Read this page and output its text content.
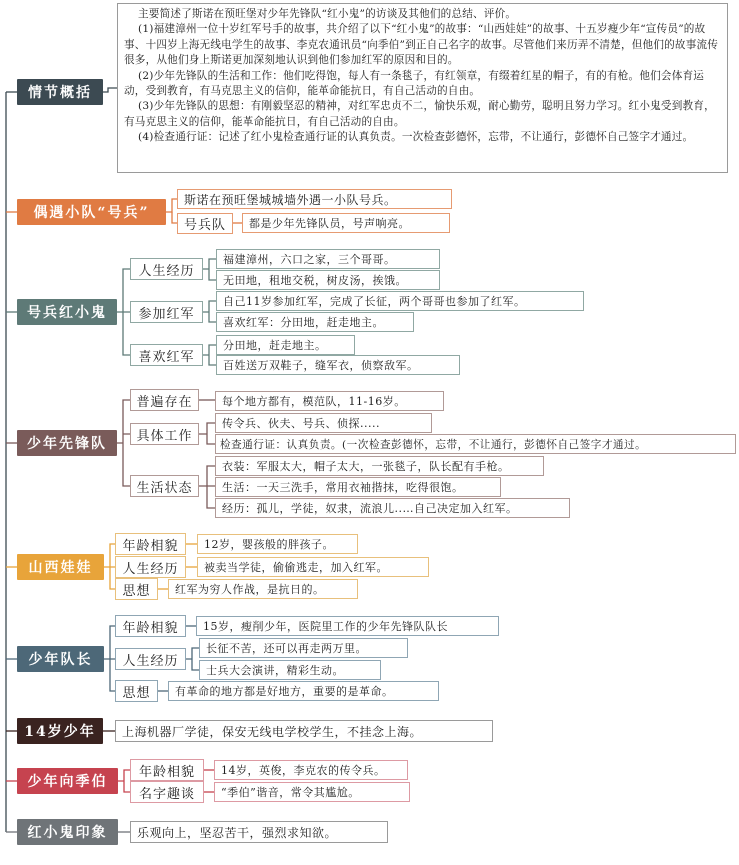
情节概括

主要简述了斯诺在预旺堡对少年先锋队“红小鬼”的访谈及其他们的总结、评价。

(1)福建漳州一位十岁红军号手的故事，共介绍了以下“红小鬼”的故事：“山西娃娃”的故事、十五岁瘦少年“宣传员”的故事、十四岁上海无线电学生的故事、李克农通讯员“向季伯”到正自己名字的故事。尽管他们来历弄不清楚，但他们的故事流传很多，从他们身上斯诺更加深刻地认识到他们参加红军的原因和目的。

(2)少年先锋队的生活和工作：他们吃得饱，每人有一条毯子，有红领章，有缀着红星的帽子，有的有枪。他们会体育运动，受到教育，有马克思主义的信仰，能革命能抗日，有自己活动的自由。

(3)少年先锋队的思想：有刚毅坚忍的精神，对红军忠贞不二，愉快乐观，耐心勤劳，聪明且努力学习。红小鬼受到教育，有马克思主义的信仰，能革命能抗日，有自己活动的自由。

(4)检查通行证：记述了红小鬼检查通行证的认真负责。一次检查彭德怀，忘带，不让通行，彭德怀自己签字才通过。

偶遇小队“号兵”
斯诺在预旺堡城城墙外遇一小队号兵。
号兵队 都是少年先锋队员，号声响亮。
号兵红小鬼
人生经历
参加红军
喜欢红军
福建漳州，六口之家，三个哥哥。
无田地，租地交税，树皮汤，挨饿。
自己11岁参加红军，完成了长征，两个哥哥也参加了红军。
喜欢红军：分田地，赶走地主。
分田地，赶走地主。
百姓送万双鞋子，缝军衣，侦察敌军。
少年先锋队
普遍存在
具体工作
生活状态
每个地方都有，模范队，11-16岁。
传令兵、伙夫、号兵、侦探.....
检查通行证：认真负责。(一次检查彭德怀，忘带，不让通行，彭德怀自己签字才通过。
衣装：军服太大，帽子太大，一张毯子，队长配有手枪。
生活：一天三洗手，常用衣袖揩抹，吃得很饱。
经历：孤儿，学徒，奴隶，流浪儿..…自己决定加入红军。
山西娃娃
年龄相貌
人生经历
思想
12岁，婴孩般的胖孩子。
被卖当学徒，偷偷逃走，加入红军。
红军为穷人作战，是抗日的。
少年队长
年龄相貌
人生经历
思想
15岁，瘦削少年，医院里工作的少年先锋队队长
长征不苦，还可以再走两万里。
士兵大会演讲，精彩生动。
有革命的地方都是好地方，重要的是革命。
14岁少年 上海机器厂学徒，保安无线电学校学生，不挂念上海。
少年向季伯
年龄相貌
名字趣谈
14岁，英俊，李克农的传令兵。
“季伯”谐音，常令其尴尬。
红小鬼印象 乐观向上，坚忍苦干，强烈求知欲。
